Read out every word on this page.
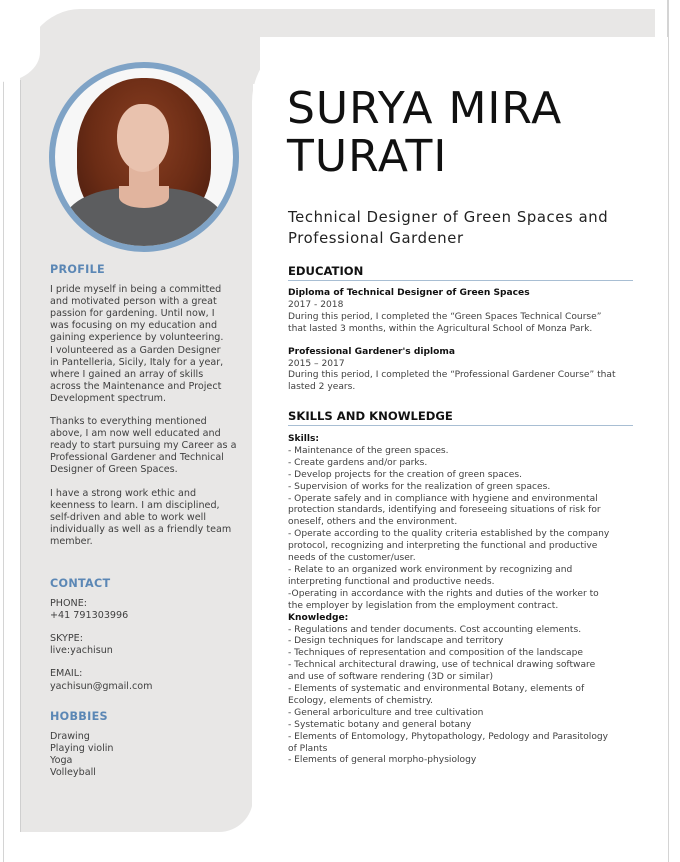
PROFILE

I pride myself in being a committed and motivated person with a great passion for gardening. Until now, I was focusing on my education and gaining experience by volunteering. I volunteered as a Garden Designer in Pantelleria, Sicily, Italy for a year, where I gained an array of skills across the Maintenance and Project Development spectrum.

Thanks to everything mentioned above, I am now well educated and ready to start pursuing my Career as a Professional Gardener and Technical Designer of Green Spaces.

I have a strong work ethic and keenness to learn. I am disciplined, self-driven and able to work well individually as well as a friendly team member.

CONTACT
PHONE:
+41 791303996
SKYPE:
live:yachisun
EMAIL:
yachisun@gmail.com
HOBBIES
Drawing
Playing violin
Yoga
Volleyball
SURYA MIRA
TURATI
Technical Designer of Green Spaces and
Professional Gardener
EDUCATION
Diploma of Technical Designer of Green Spaces
2017 - 2018
During this period, I completed the “Green Spaces Technical Course”
that lasted 3 months, within the Agricultural School of Monza Park.
Professional Gardener's diploma
2015 – 2017
During this period, I completed the “Professional Gardener Course” that
lasted 2 years.
SKILLS AND KNOWLEDGE
Skills:
- Maintenance of the green spaces.
- Create gardens and/or parks.
- Develop projects for the creation of green spaces.
- Supervision of works for the realization of green spaces.
- Operate safely and in compliance with hygiene and environmental
protection standards, identifying and foreseeing situations of risk for
oneself, others and the environment.
- Operate according to the quality criteria established by the company
protocol, recognizing and interpreting the functional and productive
needs of the customer/user.
- Relate to an organized work environment by recognizing and
interpreting functional and productive needs.
-Operating in accordance with the rights and duties of the worker to
the employer by legislation from the employment contract.
Knowledge:
- Regulations and tender documents. Cost accounting elements.
- Design techniques for landscape and territory
- Techniques of representation and composition of the landscape
- Technical architectural drawing, use of technical drawing software
and use of software rendering (3D or similar)
- Elements of systematic and environmental Botany, elements of
Ecology, elements of chemistry.
- General arboriculture and tree cultivation
- Systematic botany and general botany
- Elements of Entomology, Phytopathology, Pedology and Parasitology
of Plants
- Elements of general morpho-physiology
